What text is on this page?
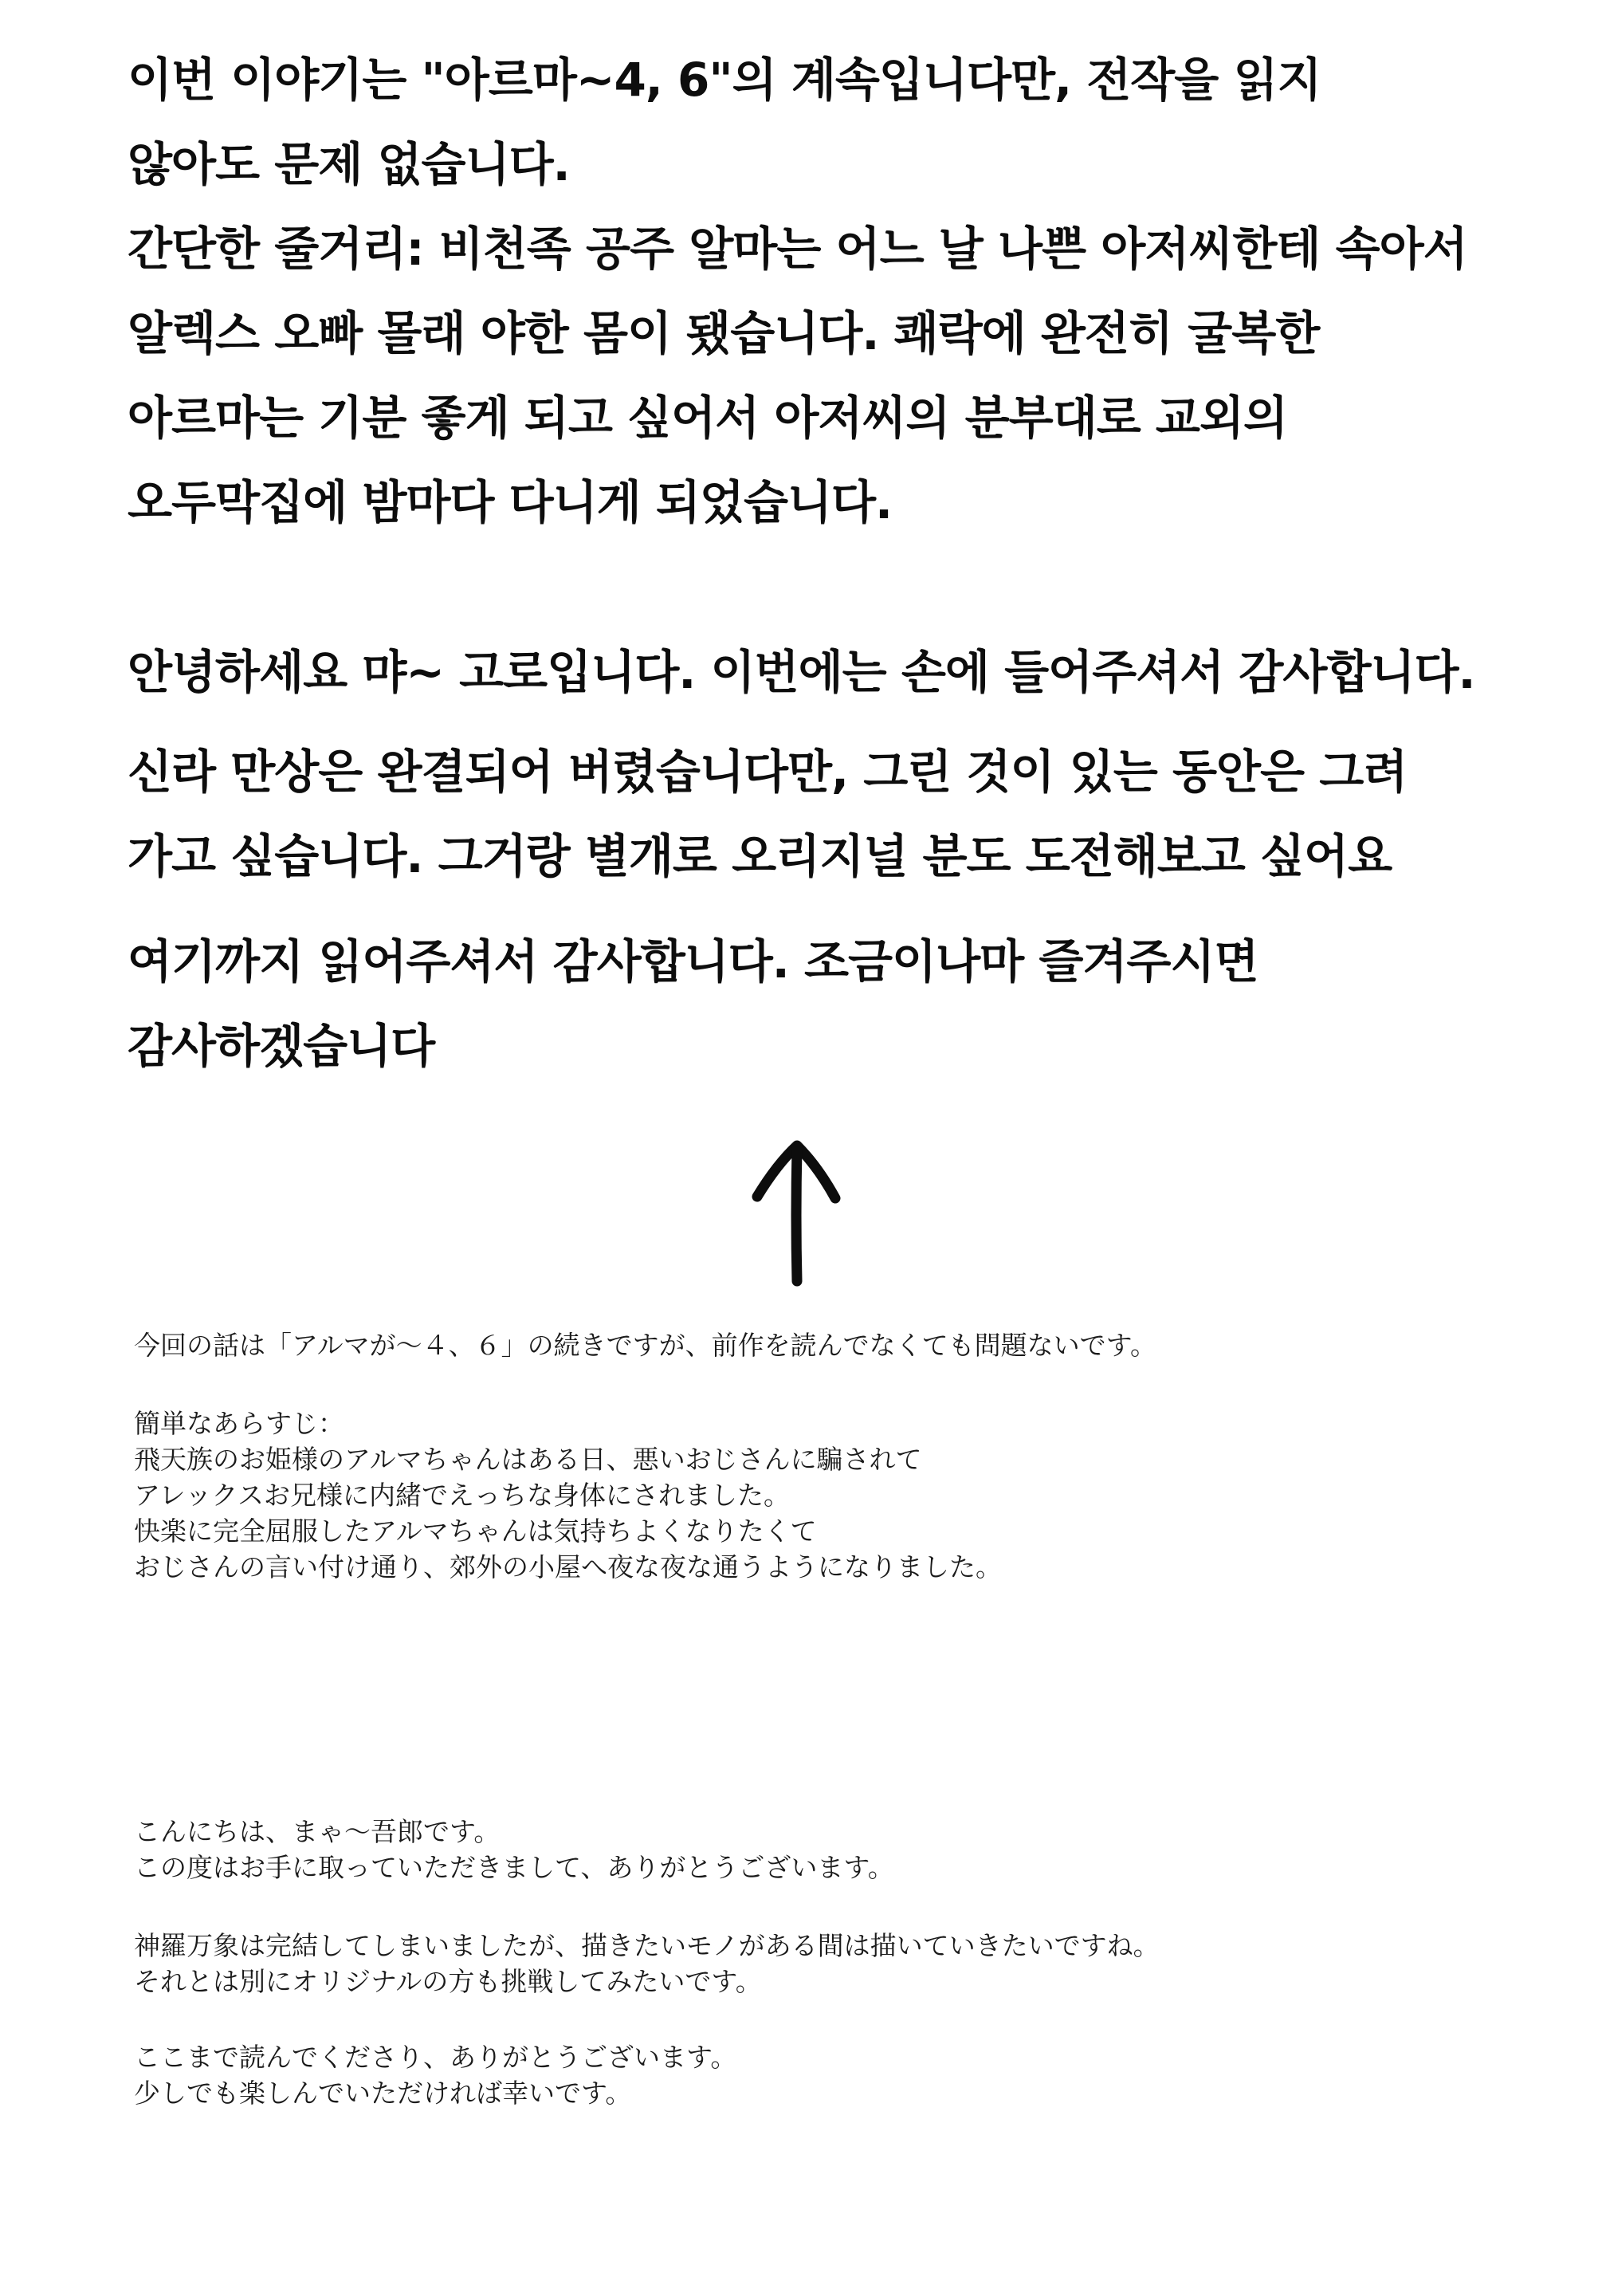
이번 이야기는 "아르마~4, 6"의 계속입니다만, 전작을 읽지
않아도 문제 없습니다.
간단한 줄거리: 비천족 공주 알마는 어느 날 나쁜 아저씨한테 속아서
알렉스 오빠 몰래 야한 몸이 됐습니다. 쾌락에 완전히 굴복한
아르마는 기분 좋게 되고 싶어서 아저씨의 분부대로 교외의
오두막집에 밤마다 다니게 되었습니다.
안녕하세요 먀~ 고로입니다. 이번에는 손에 들어주셔서 감사합니다.
신라 만상은 완결되어 버렸습니다만, 그린 것이 있는 동안은 그려
가고 싶습니다. 그거랑 별개로 오리지널 분도 도전해보고 싶어요
여기까지 읽어주셔서 감사합니다. 조금이나마 즐겨주시면
감사하겠습니다
今回の話は「アルマが～４、６」の続きですが、前作を読んでなくても問題ないです。
簡単なあらすじ：
飛天族のお姫様のアルマちゃんはある日、悪いおじさんに騙されて
アレックスお兄様に内緒でえっちな身体にされました。
快楽に完全屈服したアルマちゃんは気持ちよくなりたくて
おじさんの言い付け通り、郊外の小屋へ夜な夜な通うようになりました。
こんにちは、まゃ～吾郎です。
この度はお手に取っていただきまして、ありがとうございます。
神羅万象は完結してしまいましたが、描きたいモノがある間は描いていきたいですね。
それとは別にオリジナルの方も挑戦してみたいです。
ここまで読んでくださり、ありがとうございます。
少しでも楽しんでいただければ幸いです。
